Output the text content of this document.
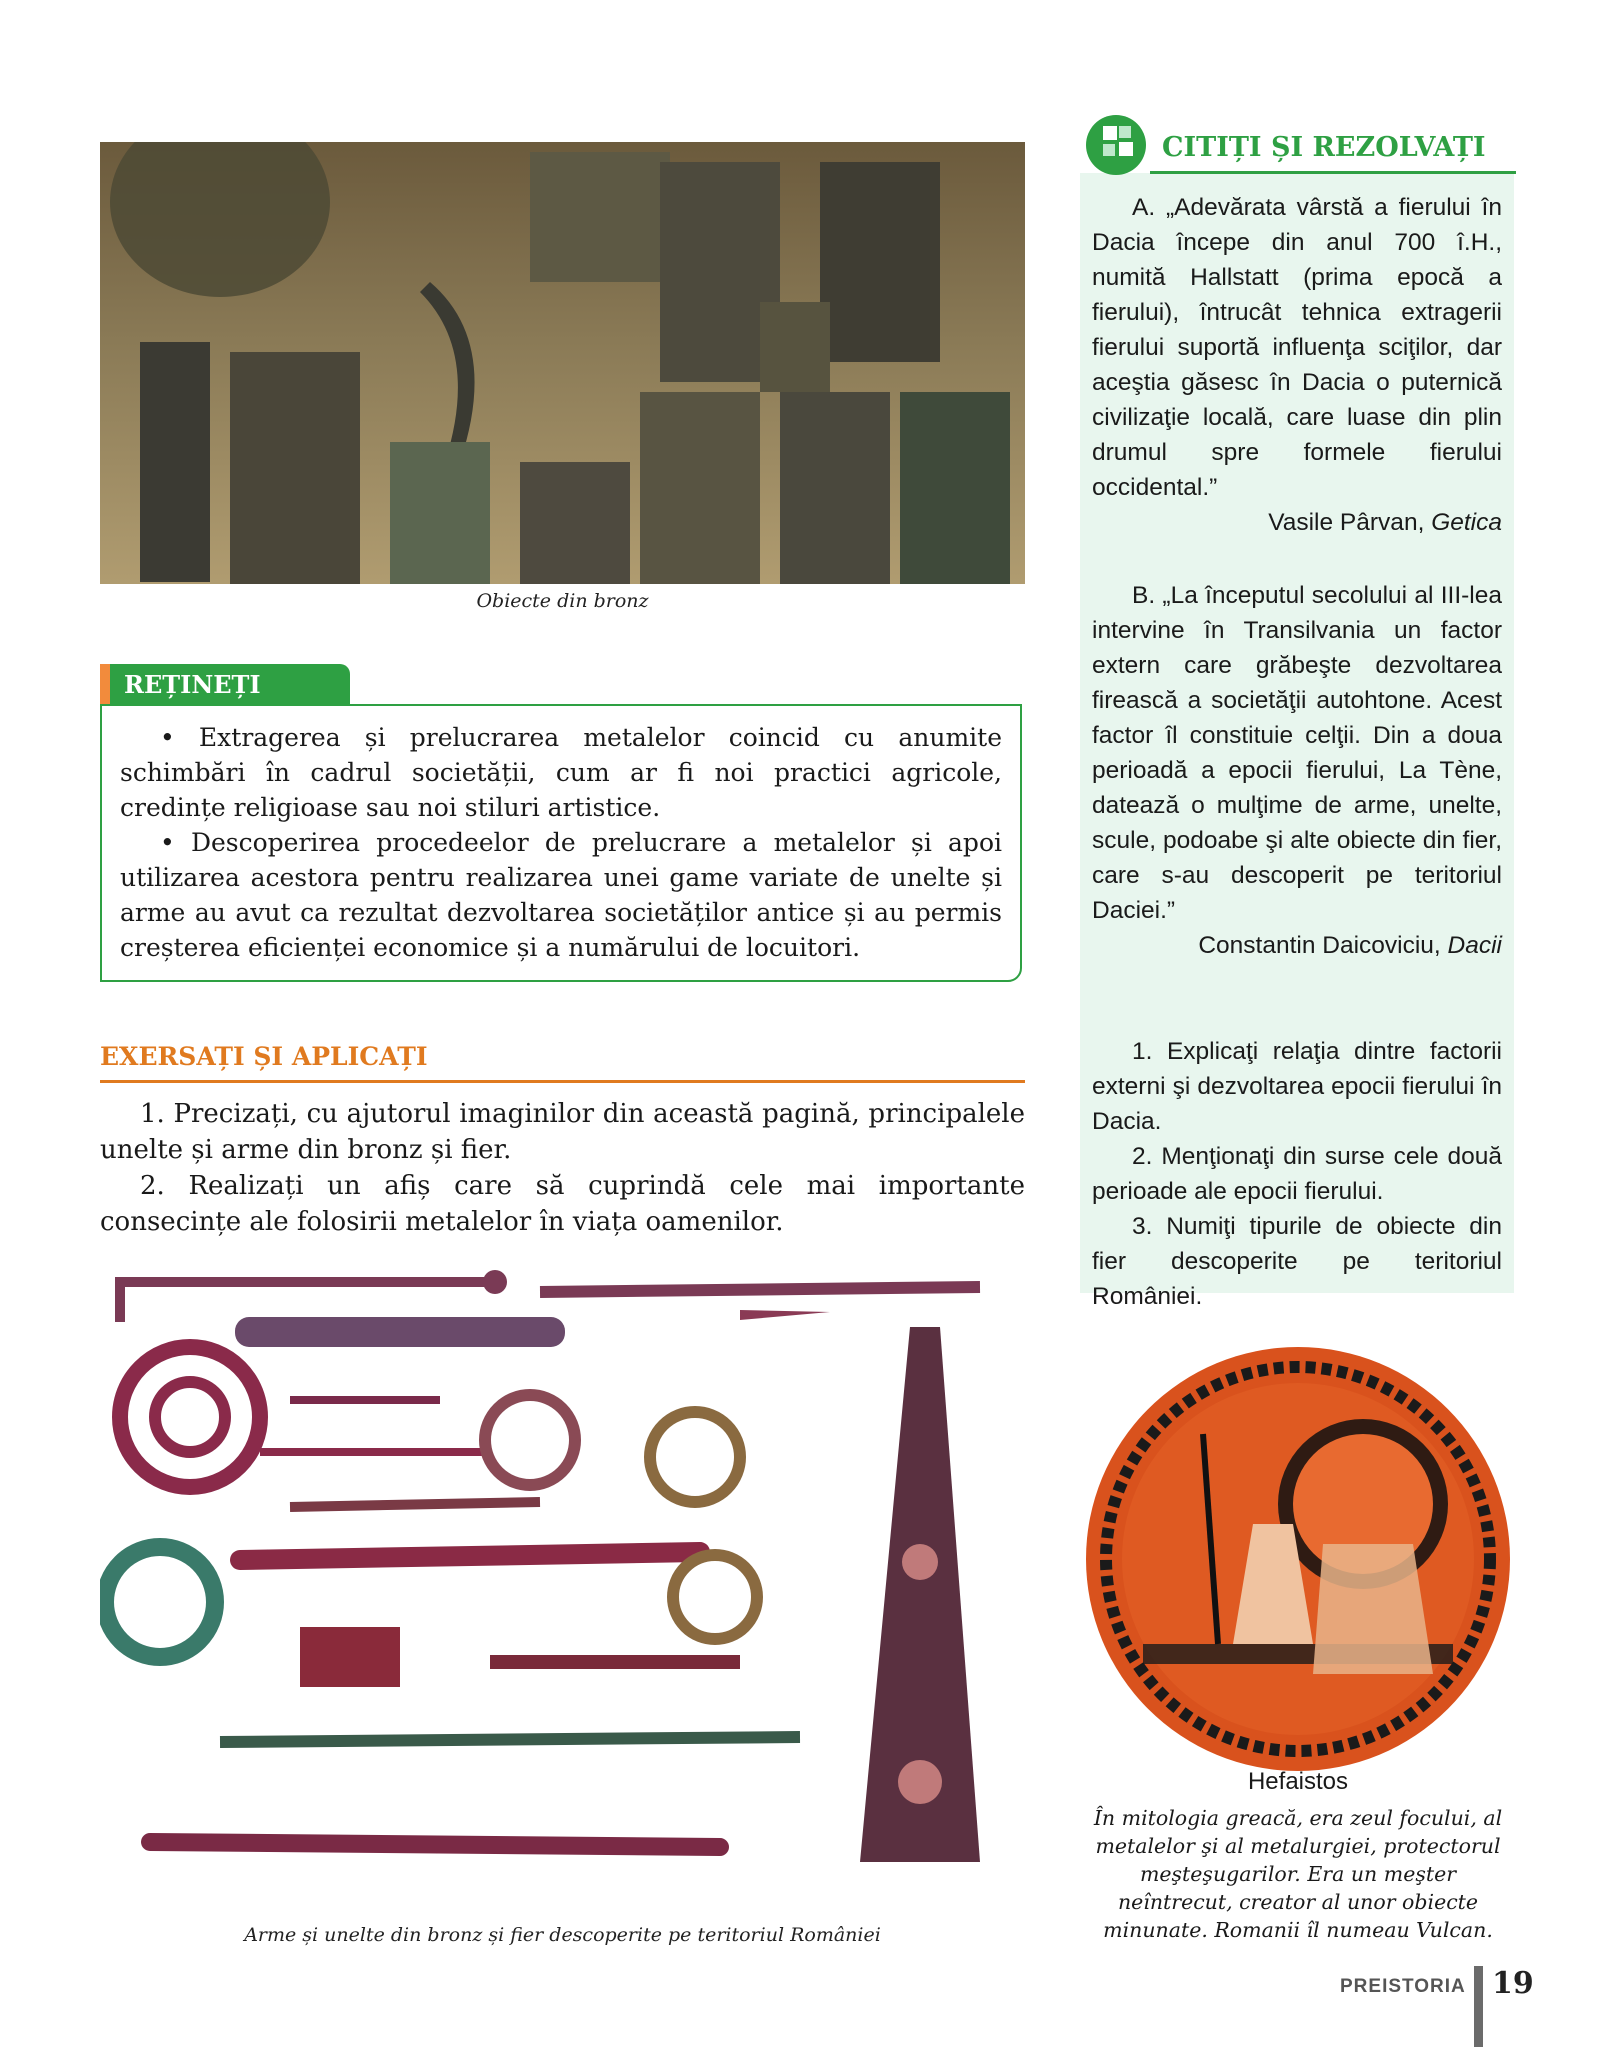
Obiecte din bronz
REȚINEȚI

• Extragerea și prelucrarea metalelor coincid cu anumite schimbări în cadrul societății, cum ar fi noi practici agricole, credințe religioase sau noi stiluri artistice.

• Descoperirea procedeelor de prelucrare a metalelor și apoi utilizarea acestora pentru realizarea unei game variate de unelte și arme au avut ca rezultat dezvoltarea societăților antice și au permis creșterea eficienței economice și a numărului de locuitori.

EXERSAȚI ȘI APLICAȚI

1. Precizați, cu ajutorul imaginilor din această pagină, principalele unelte și arme din bronz și fier.

2. Realizați un afiș care să cuprindă cele mai importante consecințe ale folosirii metalelor în viața oamenilor.

Arme și unelte din bronz și fier descoperite pe teritoriul României
CITIȚI ȘI REZOLVAȚI

A. „Adevărata vârstă a fierului în Dacia începe din anul 700 î.H., numită Hallstatt (prima epocă a fierului), întrucât tehnica extragerii fierului suportă influenţa sciţilor, dar aceştia găsesc în Dacia o puternică civilizaţie locală, care luase din plin drumul spre formele fierului occidental.”

Vasile Pârvan, Getica

B. „La începutul secolului al III-lea intervine în Transilvania un factor extern care grăbeşte dezvoltarea firească a societăţii autohtone. Acest factor îl constituie celţii. Din a doua perioadă a epocii fierului, La Tène, datează o mulţime de arme, unelte, scule, podoabe şi alte obiecte din fier, care s-au descoperit pe teritoriul Daciei.”

Constantin Daicoviciu, Dacii

1. Explicaţi relaţia dintre factorii externi şi dezvoltarea epocii fierului în Dacia.

2. Menţionaţi din surse cele două perioade ale epocii fierului.

3. Numiţi tipurile de obiecte din fier descoperite pe teritoriul României.

Hefaistos
În mitologia greacă, era zeul focului, al metalelor şi al metalurgiei, protectorul meşteşugarilor. Era un meşter neîntrecut, creator al unor obiecte minunate. Romanii îl numeau Vulcan.
PREISTORIA 19
